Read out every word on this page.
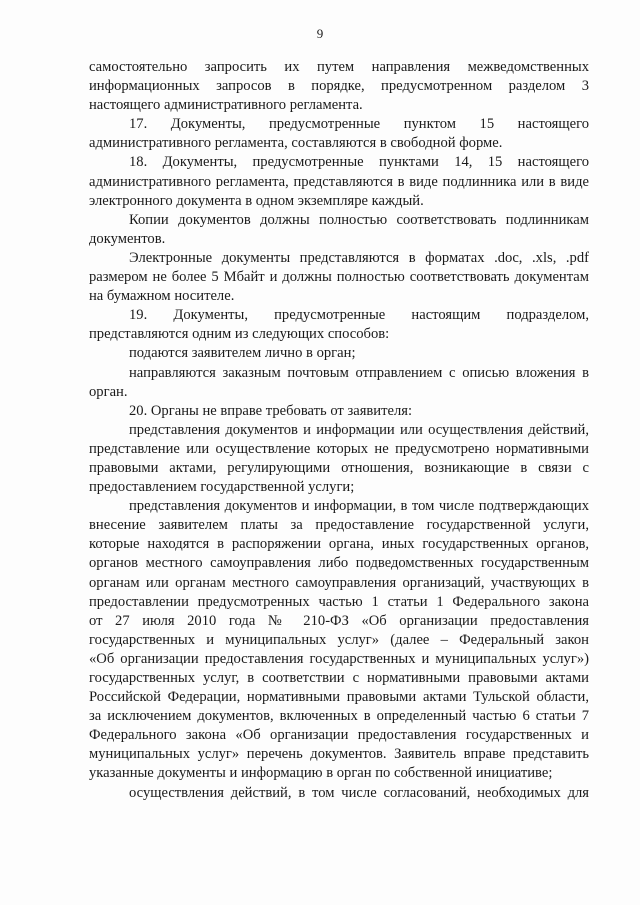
9

самостоятельно запросить их путем направления межведомственных

информационных запросов в порядке, предусмотренном разделом 3

настоящего административного регламента.

17. Документы, предусмотренные пунктом 15 настоящего

административного регламента, составляются в свободной форме.

18. Документы, предусмотренные пунктами 14, 15 настоящего

административного регламента, представляются в виде подлинника или в виде

электронного документа в одном экземпляре каждый.

Копии документов должны полностью соответствовать подлинникам

документов.

Электронные документы представляются в форматах .doc, .xls, .pdf

размером не более 5 Мбайт и должны полностью соответствовать документам

на бумажном носителе.

19. Документы, предусмотренные настоящим подразделом,

представляются одним из следующих способов:

подаются заявителем лично в орган;

направляются заказным почтовым отправлением с описью вложения в

орган.

20. Органы не вправе требовать от заявителя:

представления документов и информации или осуществления действий,

представление или осуществление которых не предусмотрено нормативными

правовыми актами, регулирующими отношения, возникающие в связи с

предоставлением государственной услуги;

представления документов и информации, в том числе подтверждающих

внесение заявителем платы за предоставление государственной услуги,

которые находятся в распоряжении органа, иных государственных органов,

органов местного самоуправления либо подведомственных государственным

органам или органам местного самоуправления организаций, участвующих в

предоставлении предусмотренных частью 1 статьи 1 Федерального закона

от 27 июля 2010 года № 210-ФЗ «Об организации предоставления

государственных и муниципальных услуг» (далее – Федеральный закон

«Об организации предоставления государственных и муниципальных услуг»)

государственных услуг, в соответствии с нормативными правовыми актами

Российской Федерации, нормативными правовыми актами Тульской области,

за исключением документов, включенных в определенный частью 6 статьи 7

Федерального закона «Об организации предоставления государственных и

муниципальных услуг» перечень документов. Заявитель вправе представить

указанные документы и информацию в орган по собственной инициативе;

осуществления действий, в том числе согласований, необходимых для
